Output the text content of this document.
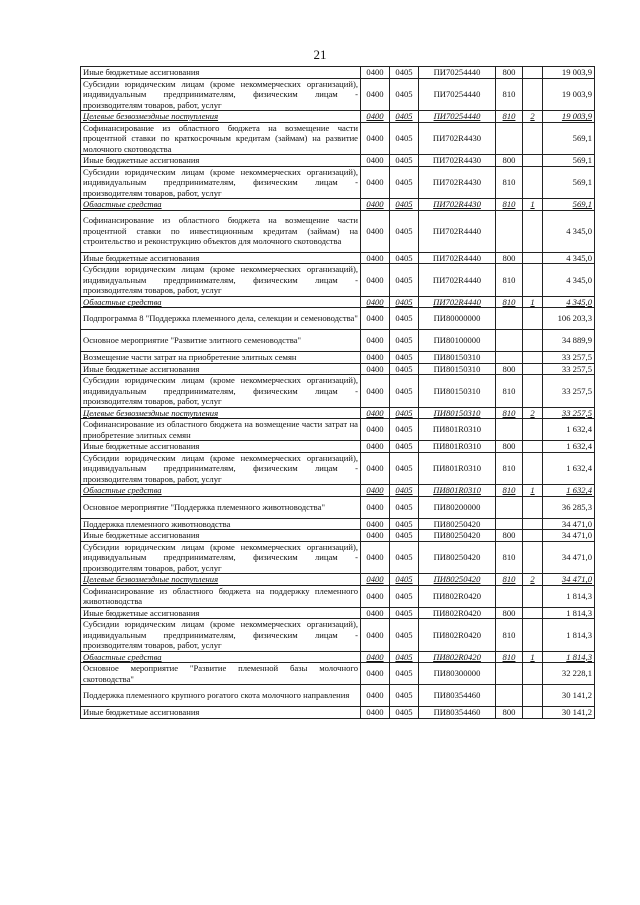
21
Иные бюджетные ассигнования	0400	0405	ПИ70254440	800		19 003,9
Субсидии юридическим лицам (кроме некоммерческих организаций), индивидуальным предпринимателям, физическим лицам - производителям товаров, работ, услуг	0400	0405	ПИ70254440	810		19 003,9
Целевые безвозмездные поступления	0400	0405	ПИ70254440	810	2	19 003,9
Софинансирование из областного бюджета на возмещение части процентной ставки по краткосрочным кредитам (займам) на развитие молочного скотоводства	0400	0405	ПИ702R4430			569,1
Иные бюджетные ассигнования	0400	0405	ПИ702R4430	800		569,1
Субсидии юридическим лицам (кроме некоммерческих организаций), индивидуальным предпринимателям, физическим лицам - производителям товаров, работ, услуг	0400	0405	ПИ702R4430	810		569,1
Областные средства	0400	0405	ПИ702R4430	810	1	569,1
Софинансирование из областного бюджета на возмещение части процентной ставки по инвестиционным кредитам (займам) на строительство и реконструкцию объектов для молочного скотоводства	0400	0405	ПИ702R4440			4 345,0
Иные бюджетные ассигнования	0400	0405	ПИ702R4440	800		4 345,0
Субсидии юридическим лицам (кроме некоммерческих организаций), индивидуальным предпринимателям, физическим лицам - производителям товаров, работ, услуг	0400	0405	ПИ702R4440	810		4 345,0
Областные средства	0400	0405	ПИ702R4440	810	1	4 345,0
Подпрограмма 8 "Поддержка племенного дела, селекции и семеноводства"	0400	0405	ПИ80000000			106 203,3
Основное мероприятие "Развитие элитного семеноводства"	0400	0405	ПИ80100000			34 889,9
Возмещение части затрат на приобретение элитных семян	0400	0405	ПИ80150310			33 257,5
Иные бюджетные ассигнования	0400	0405	ПИ80150310	800		33 257,5
Субсидии юридическим лицам (кроме некоммерческих организаций), индивидуальным предпринимателям, физическим лицам - производителям товаров, работ, услуг	0400	0405	ПИ80150310	810		33 257,5
Целевые безвозмездные поступления	0400	0405	ПИ80150310	810	2	33 257,5
Софинансирование из областного бюджета на возмещение части затрат на приобретение элитных семян	0400	0405	ПИ801R0310			1 632,4
Иные бюджетные ассигнования	0400	0405	ПИ801R0310	800		1 632,4
Субсидии юридическим лицам (кроме некоммерческих организаций), индивидуальным предпринимателям, физическим лицам - производителям товаров, работ, услуг	0400	0405	ПИ801R0310	810		1 632,4
Областные средства	0400	0405	ПИ801R0310	810	1	1 632,4
Основное мероприятие "Поддержка племенного животноводства"	0400	0405	ПИ80200000			36 285,3
Поддержка племенного животноводства	0400	0405	ПИ80250420			34 471,0
Иные бюджетные ассигнования	0400	0405	ПИ80250420	800		34 471,0
Субсидии юридическим лицам (кроме некоммерческих организаций), индивидуальным предпринимателям, физическим лицам - производителям товаров, работ, услуг	0400	0405	ПИ80250420	810		34 471,0
Целевые безвозмездные поступления	0400	0405	ПИ80250420	810	2	34 471,0
Софинансирование из областного бюджета на поддержку племенного животноводства	0400	0405	ПИ802R0420			1 814,3
Иные бюджетные ассигнования	0400	0405	ПИ802R0420	800		1 814,3
Субсидии юридическим лицам (кроме некоммерческих организаций), индивидуальным предпринимателям, физическим лицам - производителям товаров, работ, услуг	0400	0405	ПИ802R0420	810		1 814,3
Областные средства	0400	0405	ПИ802R0420	810	1	1 814,3
Основное мероприятие "Развитие племенной базы молочного скотоводства"	0400	0405	ПИ80300000			32 228,1
Поддержка племенного крупного рогатого скота молочного направления	0400	0405	ПИ80354460			30 141,2
Иные бюджетные ассигнования	0400	0405	ПИ80354460	800		30 141,2
